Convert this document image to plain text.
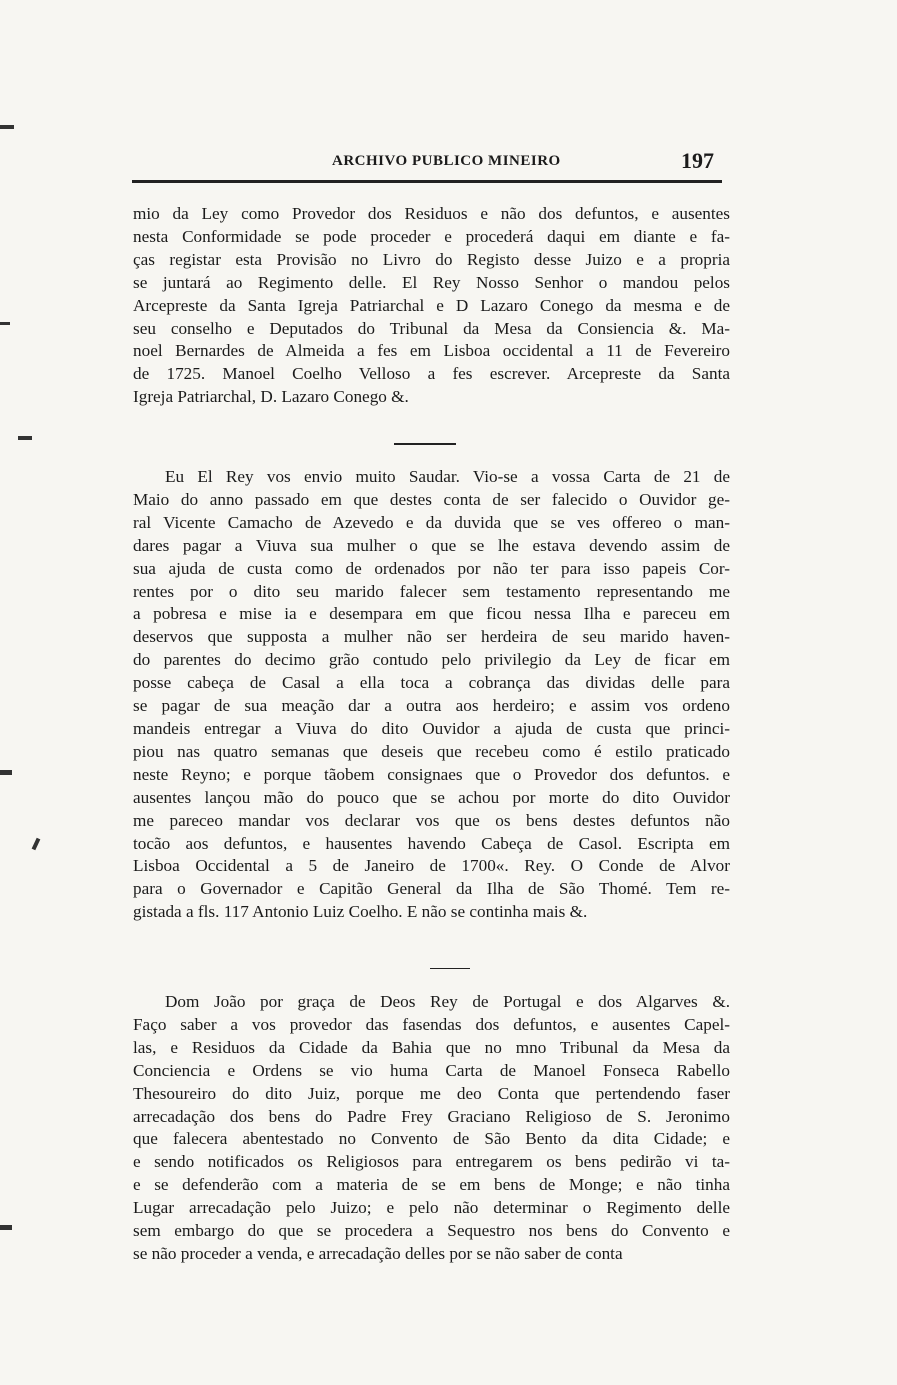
ARCHIVO PUBLICO MINEIRO	197
mio da Ley como Provedor dos Residuos e não dos defuntos, e ausentes
nesta Conformidade se pode proceder e procederá daqui em diante e fa-
ças registar esta Provisão no Livro do Registo desse Juizo e a propria
se juntará ao Regimento delle. El Rey Nosso Senhor o mandou pelos
Arcepreste da Santa Igreja Patriarchal e D Lazaro Conego da mesma e de
seu conselho e Deputados do Tribunal da Mesa da Consiencia &. Ma-
noel Bernardes de Almeida a fes em Lisboa occidental a 11 de Fevereiro
de 1725. Manoel Coelho Velloso a fes escrever. Arcepreste da Santa
Igreja Patriarchal, D. Lazaro Conego &.
Eu El Rey vos envio muito Saudar. Vio-se a vossa Carta de 21 de
Maio do anno passado em que destes conta de ser falecido o Ouvidor ge-
ral Vicente Camacho de Azevedo e da duvida que se ves offereo o man-
dares pagar a Viuva sua mulher o que se lhe estava devendo assim de
sua ajuda de custa como de ordenados por não ter para isso papeis Cor-
rentes por o dito seu marido falecer sem testamento representando me
a pobresa e mise ia e desempara em que ficou nessa Ilha e pareceu em
deservos que supposta a mulher não ser herdeira de seu marido haven-
do parentes do decimo grão contudo pelo privilegio da Ley de ficar em
posse cabeça de Casal a ella toca a cobrança das dividas delle para
se pagar de sua meação dar a outra aos herdeiro; e assim vos ordeno
mandeis entregar a Viuva do dito Ouvidor a ajuda de custa que princi-
piou nas quatro semanas que deseis que recebeu como é estilo praticado
neste Reyno; e porque tãobem consignaes que o Provedor dos defuntos. e
ausentes lançou mão do pouco que se achou por morte do dito Ouvidor
me pareceo mandar vos declarar vos que os bens destes defuntos não
tocão aos defuntos, e hausentes havendo Cabeça de Casol. Escripta em
Lisboa Occidental a 5 de Janeiro de 1700«. Rey. O Conde de Alvor
para o Governador e Capitão General da Ilha de São Thomé. Tem re-
gistada a fls. 117 Antonio Luiz Coelho. E não se continha mais &.
Dom João por graça de Deos Rey de Portugal e dos Algarves &.
Faço saber a vos provedor das fasendas dos defuntos, e ausentes Capel-
las, e Residuos da Cidade da Bahia que no mno Tribunal da Mesa da
Conciencia e Ordens se vio huma Carta de Manoel Fonseca Rabello
Thesoureiro do dito Juiz, porque me deo Conta que pertendendo faser
arrecadação dos bens do Padre Frey Graciano Religioso de S. Jeronimo
que falecera abentestado no Convento de São Bento da dita Cidade; e
e sendo notificados os Religiosos para entregarem os bens pedirão vi ta-
e se defenderão com a materia de se em bens de Monge; e não tinha
Lugar arrecadação pelo Juizo; e pelo não determinar o Regimento delle
sem embargo do que se procedera a Sequestro nos bens do Convento e
se não proceder a venda, e arrecadação delles por se não saber de conta
